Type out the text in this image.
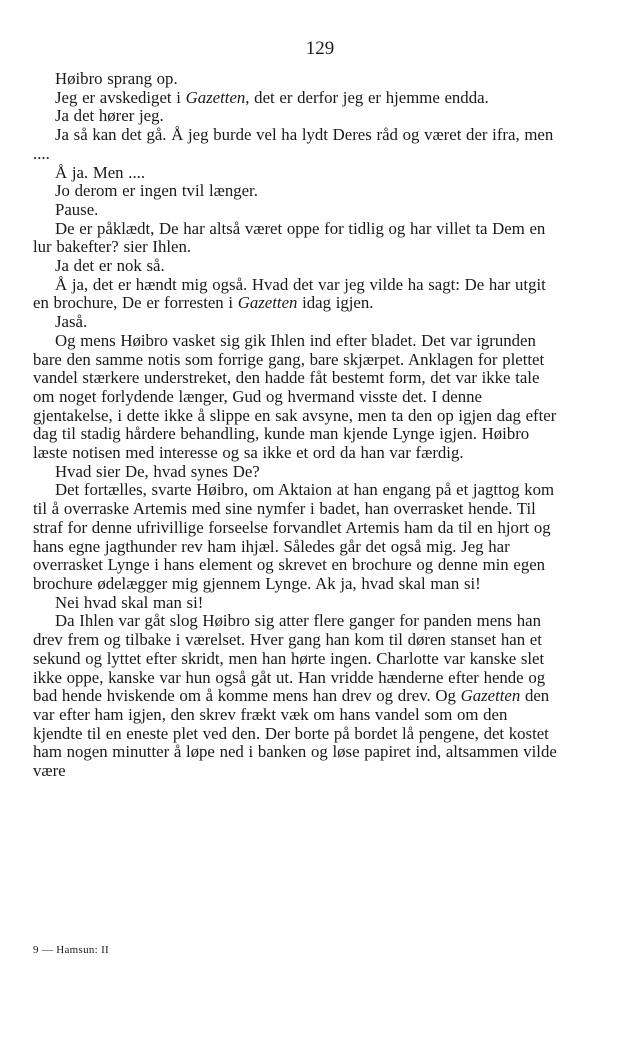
129

Høibro sprang op.

Jeg er avskediget i Gazetten, det er derfor jeg er hjemme endda.

Ja det hører jeg.

Ja så kan det gå. Å jeg burde vel ha lydt Deres råd og været der ifra, men ....

Å ja. Men ....

Jo derom er ingen tvil længer.

Pause.

De er påklædt, De har altså været oppe for tidlig og har villet ta Dem en lur bakefter? sier Ihlen.

Ja det er nok så.

Å ja, det er hændt mig også. Hvad det var jeg vilde ha sagt: De har utgit en brochure, De er forresten i Gazetten idag igjen.

Jaså.

Og mens Høibro vasket sig gik Ihlen ind efter bladet. Det var igrunden bare den samme notis som forrige gang, bare skjærpet. Anklagen for plettet vandel stærkere understreket, den hadde fåt bestemt form, det var ikke tale om noget forlydende længer, Gud og hvermand visste det. I denne gjentakelse, i dette ikke å slippe en sak avsyne, men ta den op igjen dag efter dag til stadig hårdere behandling, kunde man kjende Lynge igjen. Høibro læste notisen med interesse og sa ikke et ord da han var færdig.

Hvad sier De, hvad synes De?

Det fortælles, svarte Høibro, om Aktaion at han engang på et jagttog kom til å overraske Artemis med sine nymfer i badet, han overrasket hende. Til straf for denne ufrivillige forseelse forvandlet Artemis ham da til en hjort og hans egne jagthunder rev ham ihjæl. Således går det også mig. Jeg har overrasket Lynge i hans element og skrevet en brochure og denne min egen brochure ødelægger mig gjennem Lynge. Ak ja, hvad skal man si!

Nei hvad skal man si!

Da Ihlen var gåt slog Høibro sig atter flere ganger for panden mens han drev frem og tilbake i værelset. Hver gang han kom til døren stanset han et sekund og lyttet efter skridt, men han hørte ingen. Charlotte var kanske slet ikke oppe, kanske var hun også gåt ut. Han vridde hænderne efter hende og bad hende hviskende om å komme mens han drev og drev. Og Gazetten den var efter ham igjen, den skrev frækt væk om hans vandel som om den kjendte til en eneste plet ved den. Der borte på bordet lå pengene, det kostet ham nogen minutter å løpe ned i banken og løse papiret ind, altsammen vilde være

9 — Hamsun: II
